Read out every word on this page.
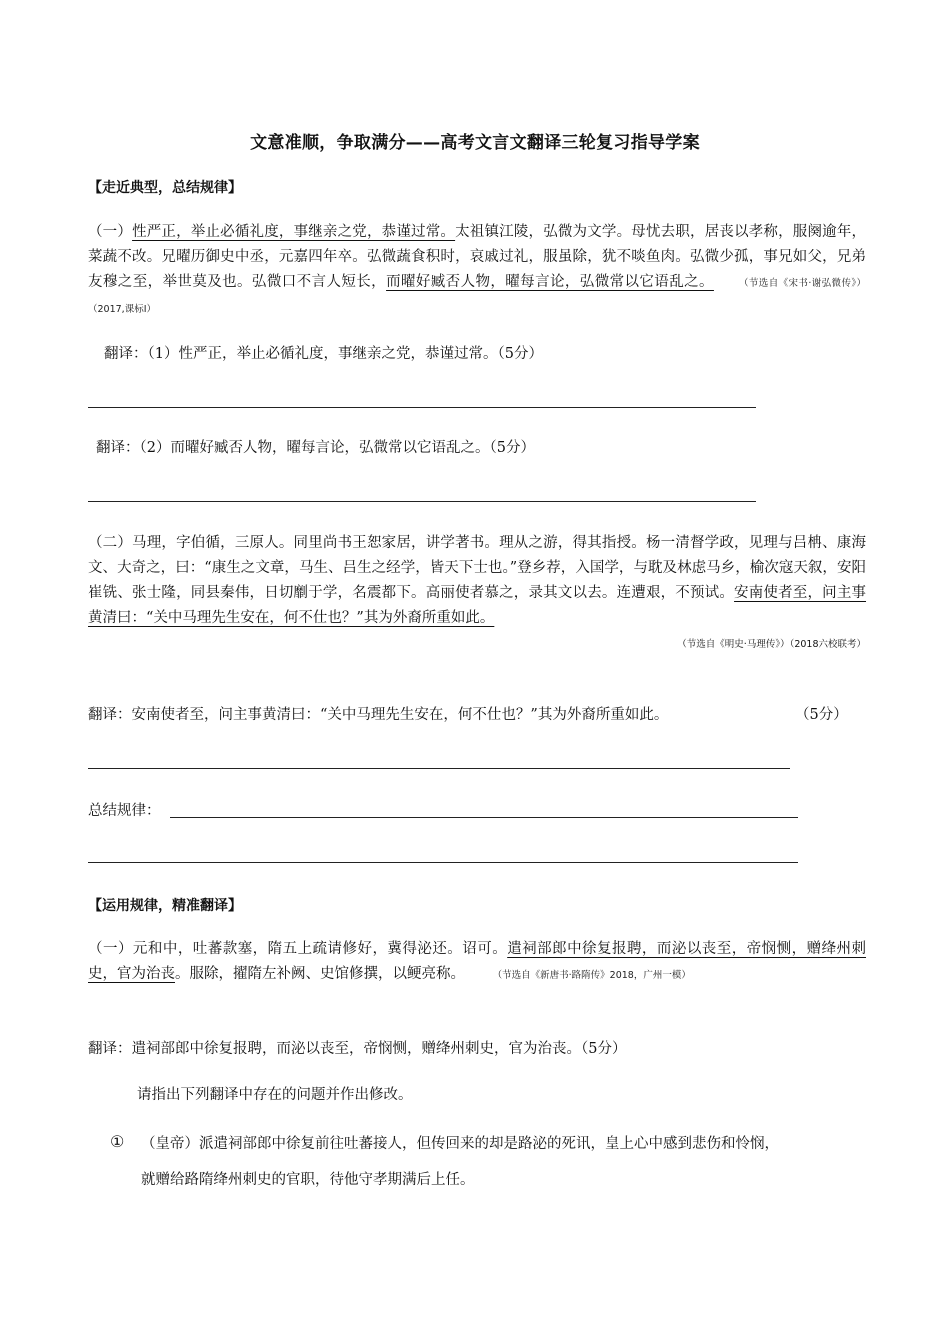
文意准顺，争取满分——高考文言文翻译三轮复习指导学案
【走近典型，总结规律】
（一）性严正，举止必循礼度，事继亲之党，恭谨过常。太祖镇江陵，弘微为文学。母忧去职，居丧以孝称，服阕逾年，菜蔬不改。兄曜历御史中丞，元嘉四年卒。弘微蔬食积时，哀戚过礼，服虽除，犹不啖鱼肉。弘微少孤，事兄如父，兄弟友穆之至，举世莫及也。弘微口不言人短长，而曜好臧否人物，曜每言论，弘微常以它语乱之。	（节选自《宋书·谢弘微传》）（2017,课标Ⅰ）
翻译：（1）性严正，举止必循礼度，事继亲之党，恭谨过常。（5分）
翻译：（2）而曜好臧否人物，曜每言论，弘微常以它语乱之。（5分）
（二）马理，字伯循，三原人。同里尚书王恕家居，讲学著书。理从之游，得其指授。杨一清督学政，见理与吕柟、康海文、大奇之，曰：“康生之文章，马生、吕生之经学，皆天下士也。”登乡荐，入国学，与耽及林虑马乡，榆次寇天叙，安阳崔铣、张士隆，同县秦伟，日切劘于学，名震都下。高丽使者慕之，录其文以去。连遭艰，不预试。安南使者至，问主事黄清曰：“关中马理先生安在，何不仕也？”其为外裔所重如此。
（节选自《明史·马理传》）（2018六校联考）
翻译：安南使者至，问主事黄清曰：“关中马理先生安在，何不仕也？”其为外裔所重如此。	（5分）
总结规律：
【运用规律，精准翻译】
（一）元和中，吐蕃款塞，隋五上疏请修好，冀得泌还。诏可。遣祠部郎中徐复报聘，而泌以丧至，帝悯恻，赠绛州刺史，官为治丧。服除，擢隋左补阙、史馆修撰，以鲠亮称。	（节选自《新唐书·路隋传》2018，广州一模）
翻译：遣祠部郎中徐复报聘，而泌以丧至，帝悯恻，赠绛州刺史，官为治丧。（5分）
请指出下列翻译中存在的问题并作出修改。
① （皇帝）派遣祠部郎中徐复前往吐蕃接人，但传回来的却是路泌的死讯，皇上心中感到悲伤和怜悯，
就赠给路隋绛州刺史的官职，待他守孝期满后上任。
